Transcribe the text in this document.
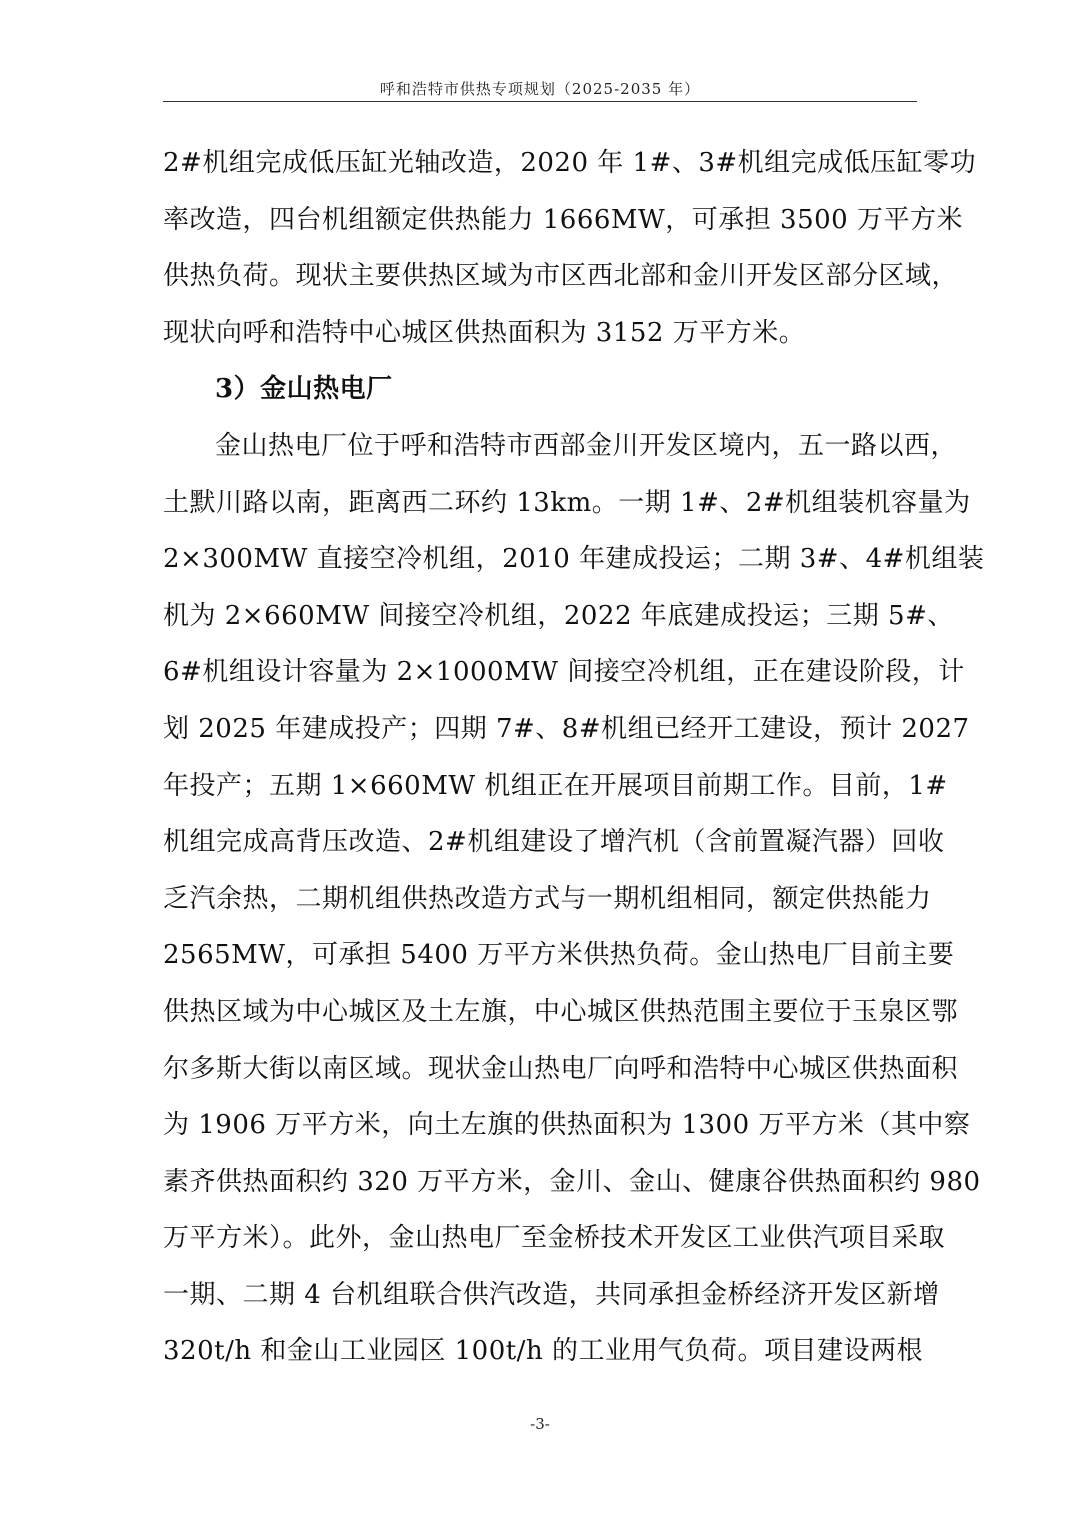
呼和浩特市供热专项规划（2025-2035 年）
2#机组完成低压缸光轴改造，2020 年 1#、3#机组完成低压缸零功
率改造，四台机组额定供热能力 1666MW，可承担 3500 万平方米
供热负荷。现状主要供热区域为市区西北部和金川开发区部分区域，
现状向呼和浩特中心城区供热面积为 3152 万平方米。
3）金山热电厂
金山热电厂位于呼和浩特市西部金川开发区境内，五一路以西，
土默川路以南，距离西二环约 13km。一期 1#、2#机组装机容量为
2×300MW 直接空冷机组，2010 年建成投运；二期 3#、4#机组装
机为 2×660MW 间接空冷机组，2022 年底建成投运；三期 5#、
6#机组设计容量为 2×1000MW 间接空冷机组，正在建设阶段，计
划 2025 年建成投产；四期 7#、8#机组已经开工建设，预计 2027
年投产；五期 1×660MW 机组正在开展项目前期工作。目前，1#
机组完成高背压改造、2#机组建设了增汽机（含前置凝汽器）回收
乏汽余热，二期机组供热改造方式与一期机组相同，额定供热能力
2565MW，可承担 5400 万平方米供热负荷。金山热电厂目前主要
供热区域为中心城区及土左旗，中心城区供热范围主要位于玉泉区鄂
尔多斯大街以南区域。现状金山热电厂向呼和浩特中心城区供热面积
为 1906 万平方米，向土左旗的供热面积为 1300 万平方米（其中察
素齐供热面积约 320 万平方米，金川、金山、健康谷供热面积约 980
万平方米）。此外，金山热电厂至金桥技术开发区工业供汽项目采取
一期、二期 4 台机组联合供汽改造，共同承担金桥经济开发区新增
320t/h 和金山工业园区 100t/h 的工业用气负荷。项目建设两根
-3-
